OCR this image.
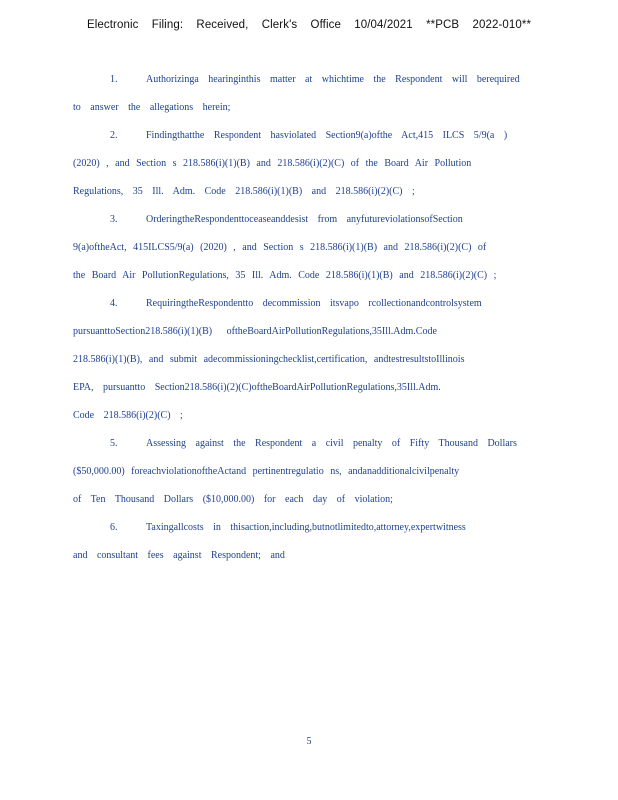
Electronic Filing: Received, Clerk's Office 10/04/2021 **PCB 2022-010**
1.	Authorizinga hearinginthis matter at whichtime the Respondent will berequired
to answer the allegations herein;
2.	Findingthatthe Respondent hasviolated Section9(a)ofthe Act,415 ILCS 5/9(a )
(2020) , and Section s 218.586(i)(1)(B) and 218.586(i)(2)(C) of the Board Air Pollution
Regulations, 35 Ill. Adm. Code 218.586(i)(1)(B) and 218.586(i)(2)(C) ;
3.	OrderingtheRespondenttoceaseanddesist from anyfutureviolationsofSection
9(a)oftheAct, 415ILCS5/9(a) (2020) , and Section s 218.586(i)(1)(B) and 218.586(i)(2)(C) of
the Board Air PollutionRegulations, 35 Ill. Adm. Code 218.586(i)(1)(B) and 218.586(i)(2)(C) ;
4.	RequiringtheRespondentto decommission itsvapo rcollectionandcontrolsystem
pursuanttoSection218.586(i)(1)(B) oftheBoardAirPollutionRegulations,35Ill.Adm.Code
218.586(i)(1)(B), and submit adecommissioningchecklist,certification, andtestresultstoIllinois
EPA, pursuantto Section218.586(i)(2)(C)oftheBoardAirPollutionRegulations,35Ill.Adm.
Code 218.586(i)(2)(C) ;
5.	Assessing against the Respondent a civil penalty of Fifty Thousand Dollars
($50,000.00) foreachviolationoftheActand pertinentregulatio ns, andanadditionalcivilpenalty
of Ten Thousand Dollars ($10,000.00) for each day of violation;
6.	Taxingallcosts in thisaction,including,butnotlimitedto,attorney,expertwitness
and consultant fees against Respondent; and
5
